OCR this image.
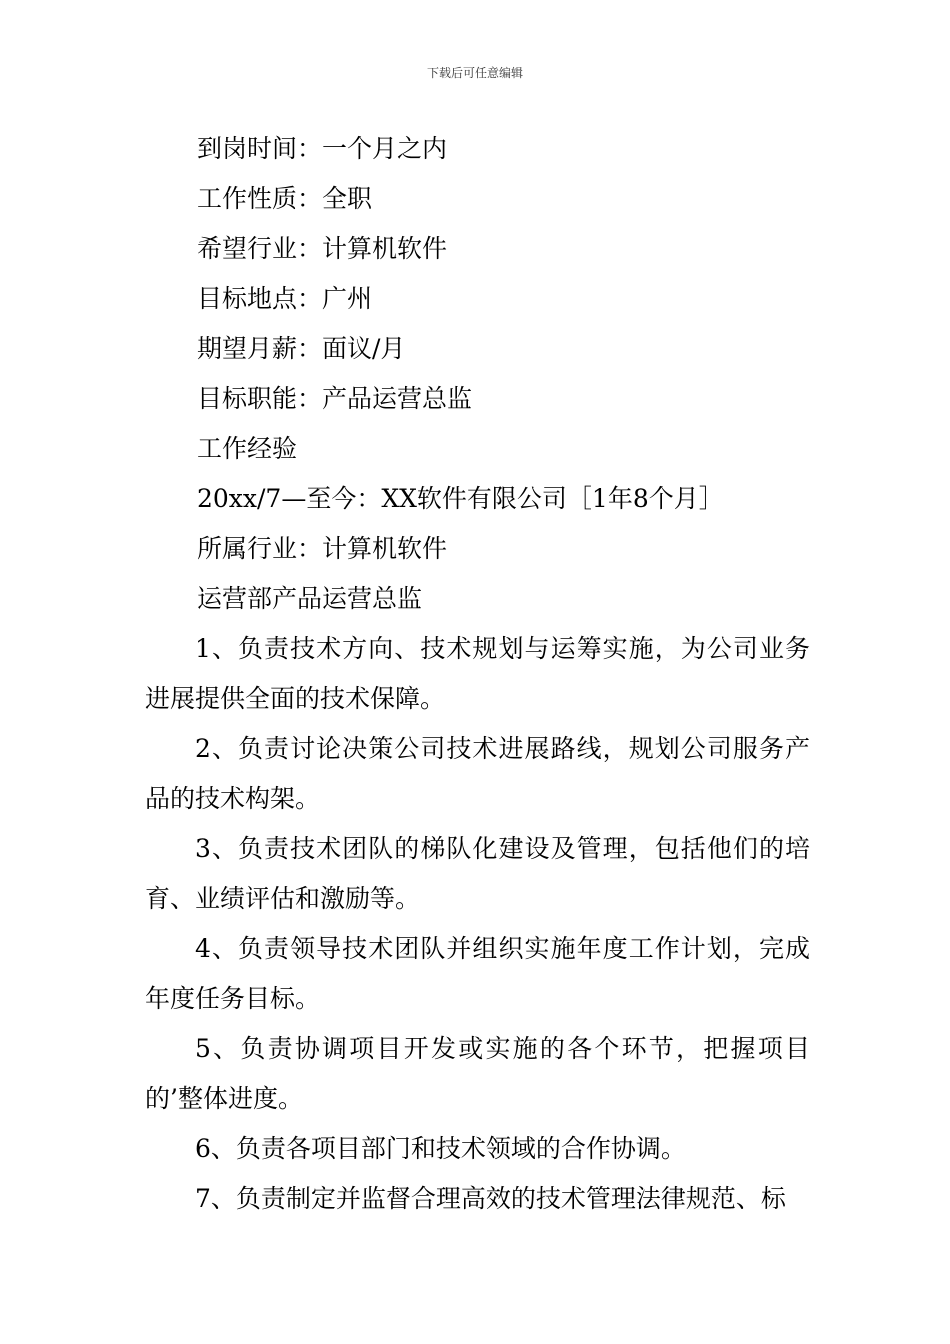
下载后可任意编辑
到岗时间：一个月之内
工作性质：全职
希望行业：计算机软件
目标地点：广州
期望月薪：面议/月
目标职能：产品运营总监
工作经验
20xx/7—至今：XX软件有限公司［1年8个月］
所属行业：计算机软件
运营部产品运营总监

1、负责技术方向、技术规划与运筹实施，为公司业务进展提供全面的技术保障。

2、负责讨论决策公司技术进展路线，规划公司服务产品的技术构架。

3、负责技术团队的梯队化建设及管理，包括他们的培育、业绩评估和激励等。

4、负责领导技术团队并组织实施年度工作计划，完成年度任务目标。

5、负责协调项目开发或实施的各个环节，把握项目的’整体进度。

6、负责各项目部门和技术领域的合作协调。

7、负责制定并监督合理高效的技术管理法律规范、标
